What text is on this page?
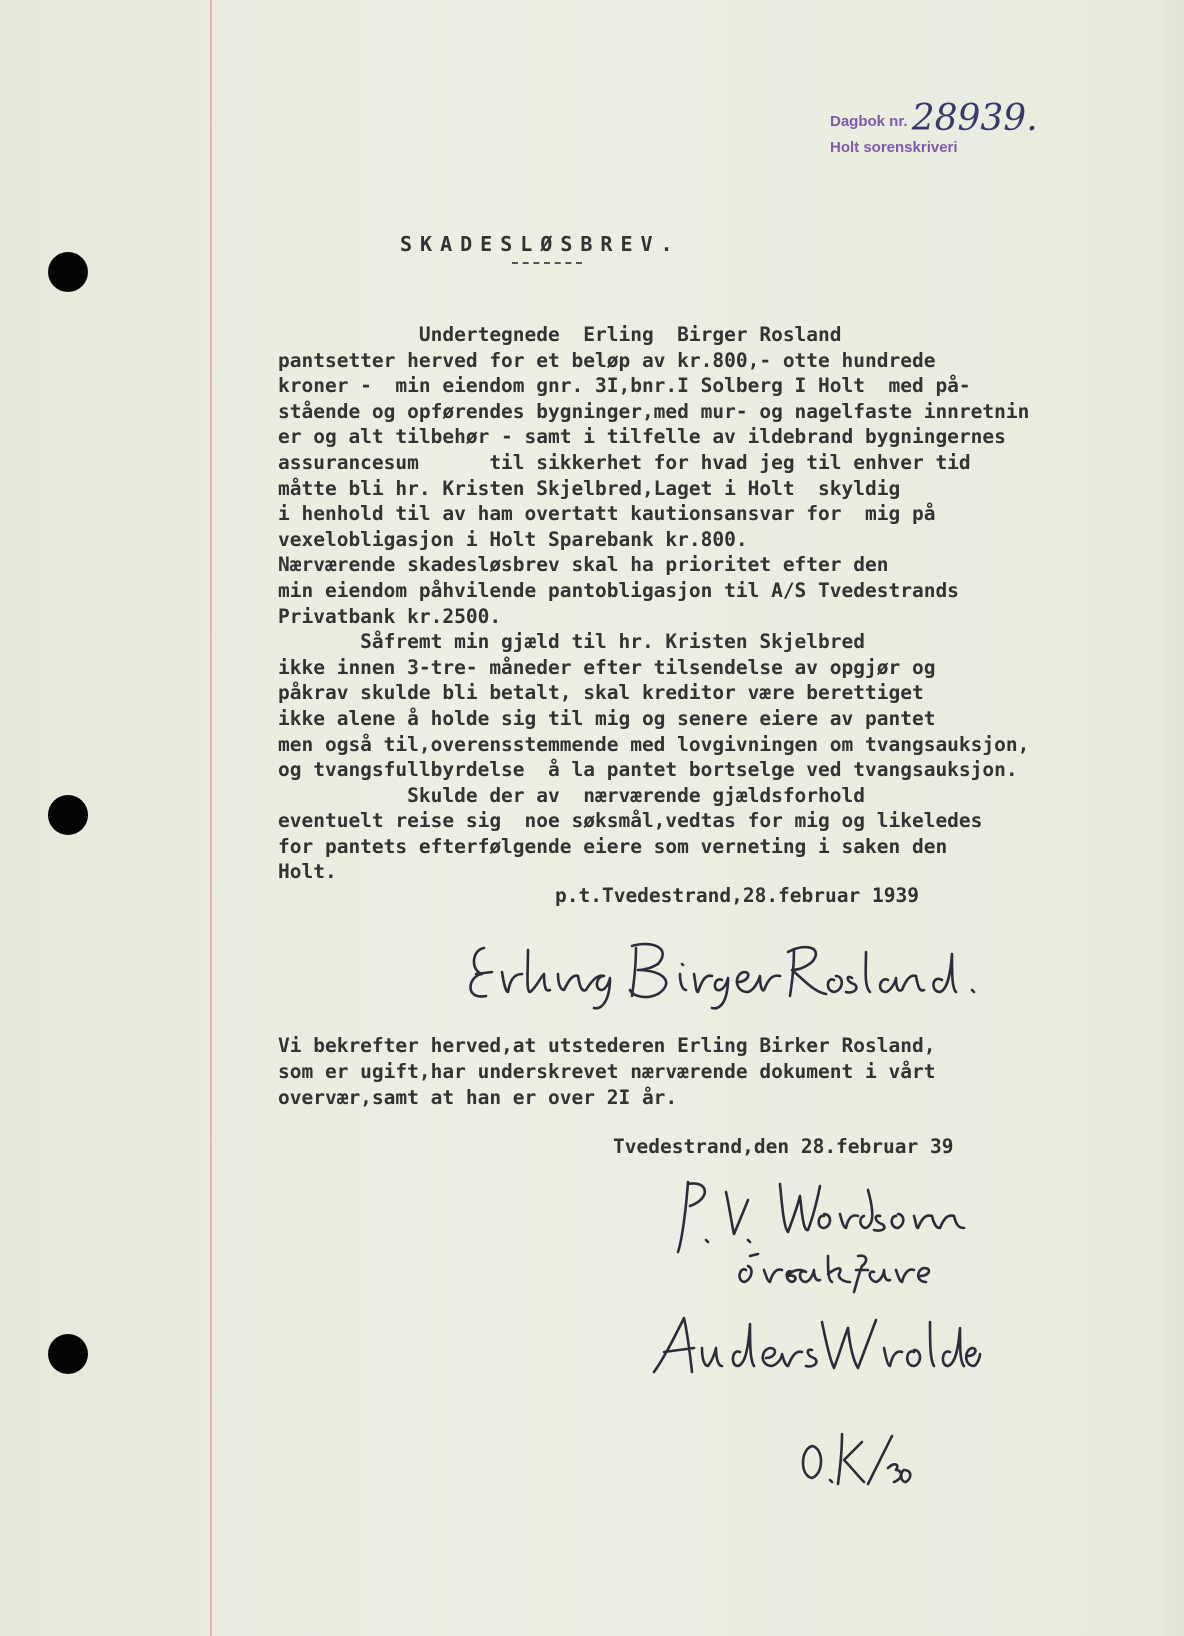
Dagbok nr. 28939.
Holt sorenskriveri
SKADESLØSBREV.
Undertegnede  Erling  Birger Rosland
pantsetter herved for et beløp av kr.800,- otte hundrede
kroner -  min eiendom gnr. 3I,bnr.I Solberg I Holt  med på-
stående og opførendes bygninger,med mur- og nagelfaste innretnin
er og alt tilbehør - samt i tilfelle av ildebrand bygningernes
assurancesum      til sikkerhet for hvad jeg til enhver tid
måtte bli hr. Kristen Skjelbred,Laget i Holt  skyldig
i henhold til av ham overtatt kautionsansvar for  mig på
vexelobligasjon i Holt Sparebank kr.800.
Nærværende skadesløsbrev skal ha prioritet efter den
min eiendom påhvilende pantobligasjon til A/S Tvedestrands
Privatbank kr.2500.
Såfremt min gjæld til hr. Kristen Skjelbred
ikke innen 3-tre- måneder efter tilsendelse av opgjør og
påkrav skulde bli betalt, skal kreditor være berettiget
ikke alene å holde sig til mig og senere eiere av pantet
men også til,overensstemmende med lovgivningen om tvangsauksjon,
og tvangsfullbyrdelse  å la pantet bortselge ved tvangsauksjon.
Skulde der av  nærværende gjældsforhold
eventuelt reise sig  noe søksmål,vedtas for mig og likeledes
for pantets efterfølgende eiere som verneting i saken den
Holt.
p.t.Tvedestrand,28.februar 1939
Vi bekrefter herved,at utstederen Erling Birker Rosland,
som er ugift,har underskrevet nærværende dokument i vårt
overvær,samt at han er over 2I år.
Tvedestrand,den 28.februar 39
